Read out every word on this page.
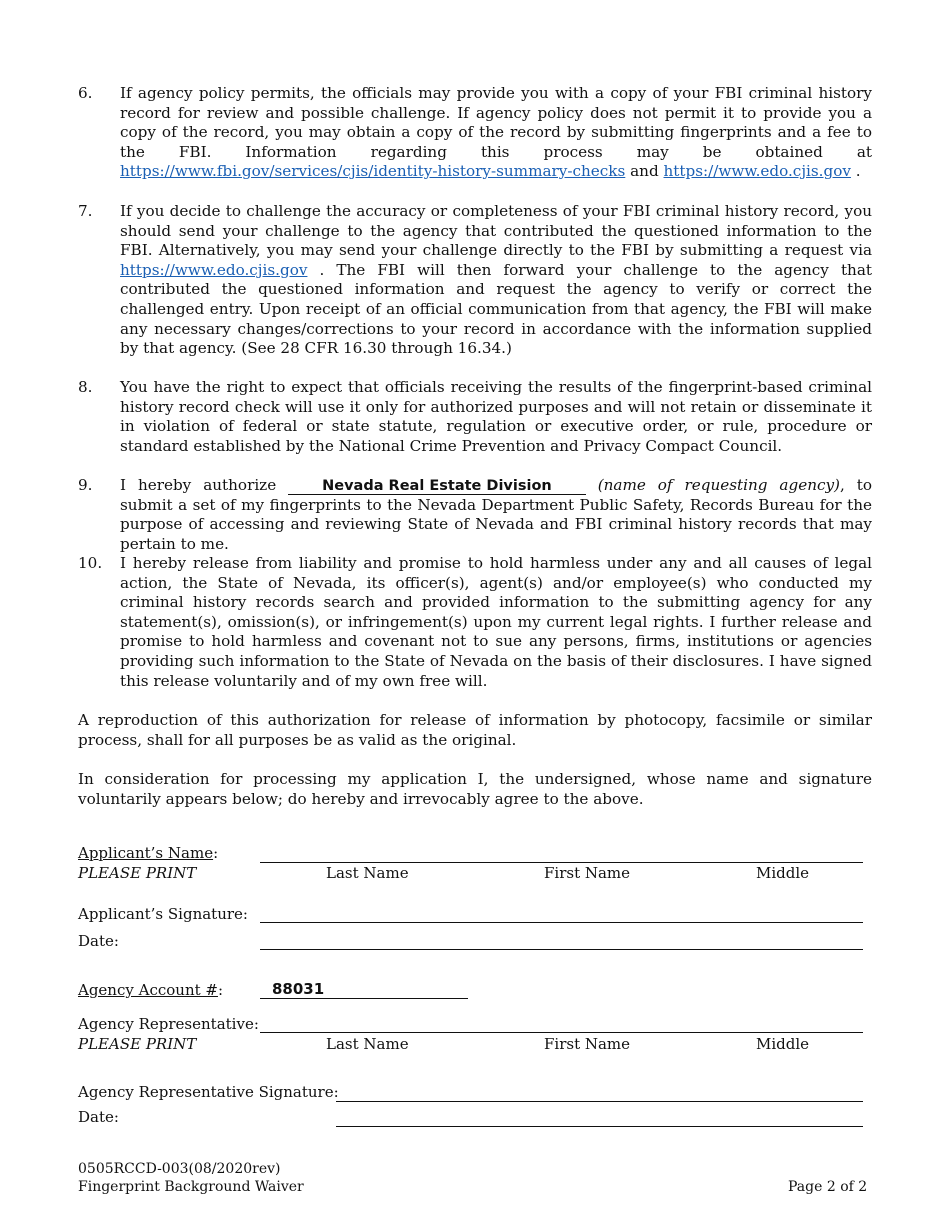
6.	If agency policy permits, the officials may provide you with a copy of your FBI criminal history record for review and possible challenge. If agency policy does not permit it to provide you a copy of the record, you may obtain a copy of the record by submitting fingerprints and a fee to the FBI. Information regarding this process may be obtained at https://www.fbi.gov/services/cjis/identity-history-summary-checks and https://www.edo.cjis.gov .
7.	If you decide to challenge the accuracy or completeness of your FBI criminal history record, you should send your challenge to the agency that contributed the questioned information to the FBI. Alternatively, you may send your challenge directly to the FBI by submitting a request via https://www.edo.cjis.gov . The FBI will then forward your challenge to the agency that contributed the questioned information and request the agency to verify or correct the challenged entry. Upon receipt of an official communication from that agency, the FBI will make any necessary changes/corrections to your record in accordance with the information supplied by that agency. (See 28 CFR 16.30 through 16.34.)
8.	You have the right to expect that officials receiving the results of the fingerprint-based criminal history record check will use it only for authorized purposes and will not retain or disseminate it in violation of federal or state statute, regulation or executive order, or rule, procedure or standard established by the National Crime Prevention and Privacy Compact Council.
9.	I hereby authorize Nevada Real Estate Division	(name of requesting agency), to submit a set of my fingerprints to the Nevada Department Public Safety, Records Bureau for the purpose of accessing and reviewing State of Nevada and FBI criminal history records that may pertain to me.
10.	I hereby release from liability and promise to hold harmless under any and all causes of legal action, the State of Nevada, its officer(s), agent(s) and/or employee(s) who conducted my criminal history records search and provided information to the submitting agency for any statement(s), omission(s), or infringement(s) upon my current legal rights. I further release and promise to hold harmless and covenant not to sue any persons, firms, institutions or agencies providing such information to the State of Nevada on the basis of their disclosures. I have signed this release voluntarily and of my own free will.
A reproduction of this authorization for release of information by photocopy, facsimile or similar process, shall for all purposes be as valid as the original.
In consideration for processing my application I, the undersigned, whose name and signature voluntarily appears below; do hereby and irrevocably agree to the above.
Applicant’s Name:
PLEASE PRINT	Last Name	First Name	Middle
Applicant’s Signature:
Date:
Agency Account #:	88031
Agency Representative:
PLEASE PRINT	Last Name	First Name	Middle
Agency Representative Signature:
Date:
0505RCCD-003(08/2020rev)
Fingerprint Background Waiver	Page 2 of 2
